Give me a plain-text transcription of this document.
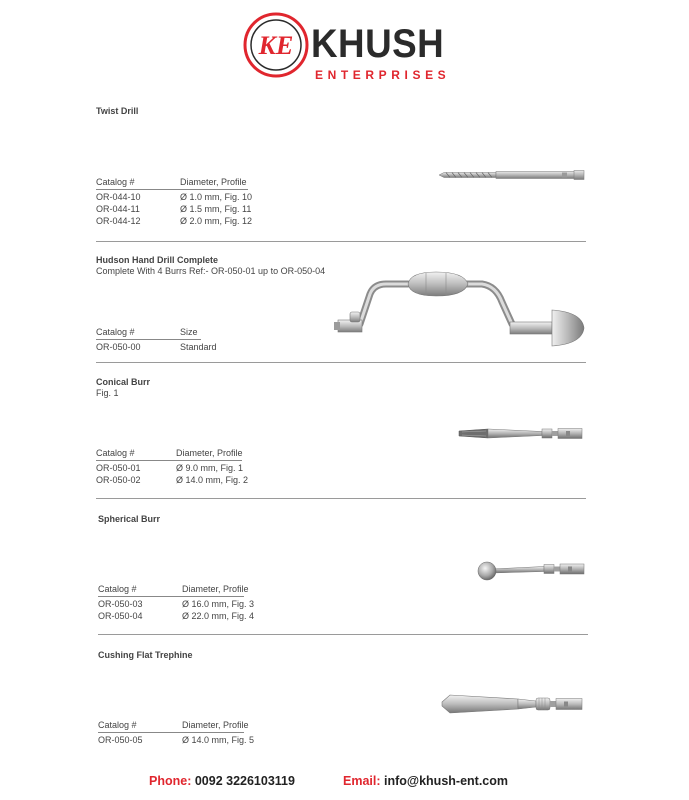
KE KHUSH
ENTERPRISES
Twist Drill
Catalog #	Diameter, Profile
OR-044-10	Ø 1.0 mm, Fig. 10
OR-044-11	Ø 1.5 mm, Fig. 11
OR-044-12	Ø 2.0 mm, Fig. 12
Hudson Hand Drill Complete
Complete With 4 Burrs Ref:- OR-050-01 up to OR-050-04
Catalog #	Size
OR-050-00	Standard
Conical Burr
Fig. 1
Catalog #	Diameter, Profile
OR-050-01	Ø 9.0 mm, Fig. 1
OR-050-02	Ø 14.0 mm, Fig. 2
Spherical Burr
Catalog #	Diameter, Profile
OR-050-03	Ø 16.0 mm, Fig. 3
OR-050-04	Ø 22.0 mm, Fig. 4
Cushing Flat Trephine
Catalog #	Diameter, Profile
OR-050-05	Ø 14.0 mm, Fig. 5
Phone: 0092 3226103119	Email: info@khush-ent.com
